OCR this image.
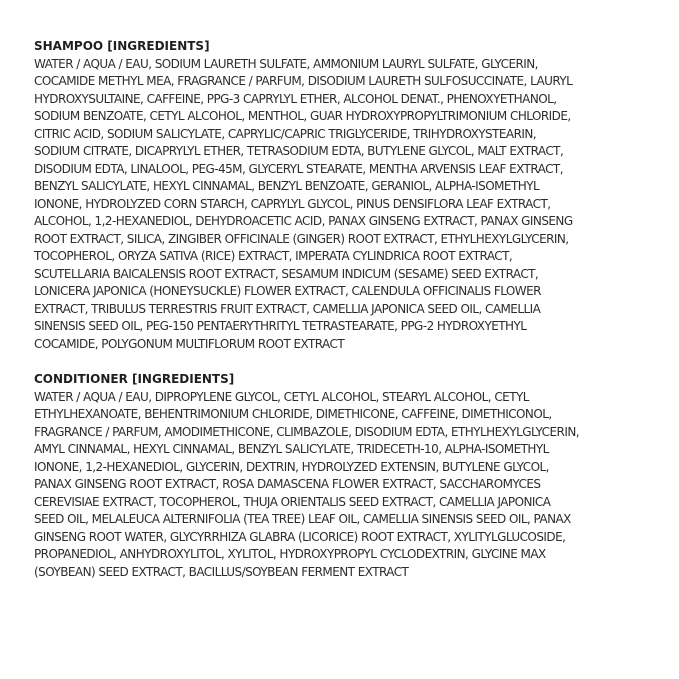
SHAMPOO [INGREDIENTS]
WATER / AQUA / EAU, SODIUM LAURETH SULFATE, AMMONIUM LAURYL SULFATE, GLYCERIN,
COCAMIDE METHYL MEA, FRAGRANCE / PARFUM, DISODIUM LAURETH SULFOSUCCINATE, LAURYL
HYDROXYSULTAINE, CAFFEINE, PPG-3 CAPRYLYL ETHER, ALCOHOL DENAT., PHENOXYETHANOL,
SODIUM BENZOATE, CETYL ALCOHOL, MENTHOL, GUAR HYDROXYPROPYLTRIMONIUM CHLORIDE,
CITRIC ACID, SODIUM SALICYLATE, CAPRYLIC/CAPRIC TRIGLYCERIDE, TRIHYDROXYSTEARIN,
SODIUM CITRATE, DICAPRYLYL ETHER, TETRASODIUM EDTA, BUTYLENE GLYCOL, MALT EXTRACT,
DISODIUM EDTA, LINALOOL, PEG-45M, GLYCERYL STEARATE, MENTHA ARVENSIS LEAF EXTRACT,
BENZYL SALICYLATE, HEXYL CINNAMAL, BENZYL BENZOATE, GERANIOL, ALPHA-ISOMETHYL
IONONE, HYDROLYZED CORN STARCH, CAPRYLYL GLYCOL, PINUS DENSIFLORA LEAF EXTRACT,
ALCOHOL, 1,2-HEXANEDIOL, DEHYDROACETIC ACID, PANAX GINSENG EXTRACT, PANAX GINSENG
ROOT EXTRACT, SILICA, ZINGIBER OFFICINALE (GINGER) ROOT EXTRACT, ETHYLHEXYLGLYCERIN,
TOCOPHEROL, ORYZA SATIVA (RICE) EXTRACT, IMPERATA CYLINDRICA ROOT EXTRACT,
SCUTELLARIA BAICALENSIS ROOT EXTRACT, SESAMUM INDICUM (SESAME) SEED EXTRACT,
LONICERA JAPONICA (HONEYSUCKLE) FLOWER EXTRACT, CALENDULA OFFICINALIS FLOWER
EXTRACT, TRIBULUS TERRESTRIS FRUIT EXTRACT, CAMELLIA JAPONICA SEED OIL, CAMELLIA
SINENSIS SEED OIL, PEG-150 PENTAERYTHRITYL TETRASTEARATE, PPG-2 HYDROXYETHYL
COCAMIDE, POLYGONUM MULTIFLORUM ROOT EXTRACT
CONDITIONER [INGREDIENTS]
WATER / AQUA / EAU, DIPROPYLENE GLYCOL, CETYL ALCOHOL, STEARYL ALCOHOL, CETYL
ETHYLHEXANOATE, BEHENTRIMONIUM CHLORIDE, DIMETHICONE, CAFFEINE, DIMETHICONOL,
FRAGRANCE / PARFUM, AMODIMETHICONE, CLIMBAZOLE, DISODIUM EDTA, ETHYLHEXYLGLYCERIN,
AMYL CINNAMAL, HEXYL CINNAMAL, BENZYL SALICYLATE, TRIDECETH-10, ALPHA-ISOMETHYL
IONONE, 1,2-HEXANEDIOL, GLYCERIN, DEXTRIN, HYDROLYZED EXTENSIN, BUTYLENE GLYCOL,
PANAX GINSENG ROOT EXTRACT, ROSA DAMASCENA FLOWER EXTRACT, SACCHAROMYCES
CEREVISIAE EXTRACT, TOCOPHEROL, THUJA ORIENTALIS SEED EXTRACT, CAMELLIA JAPONICA
SEED OIL, MELALEUCA ALTERNIFOLIA (TEA TREE) LEAF OIL, CAMELLIA SINENSIS SEED OIL, PANAX
GINSENG ROOT WATER, GLYCYRRHIZA GLABRA (LICORICE) ROOT EXTRACT, XYLITYLGLUCOSIDE,
PROPANEDIOL, ANHYDROXYLITOL, XYLITOL, HYDROXYPROPYL CYCLODEXTRIN, GLYCINE MAX
(SOYBEAN) SEED EXTRACT, BACILLUS/SOYBEAN FERMENT EXTRACT
